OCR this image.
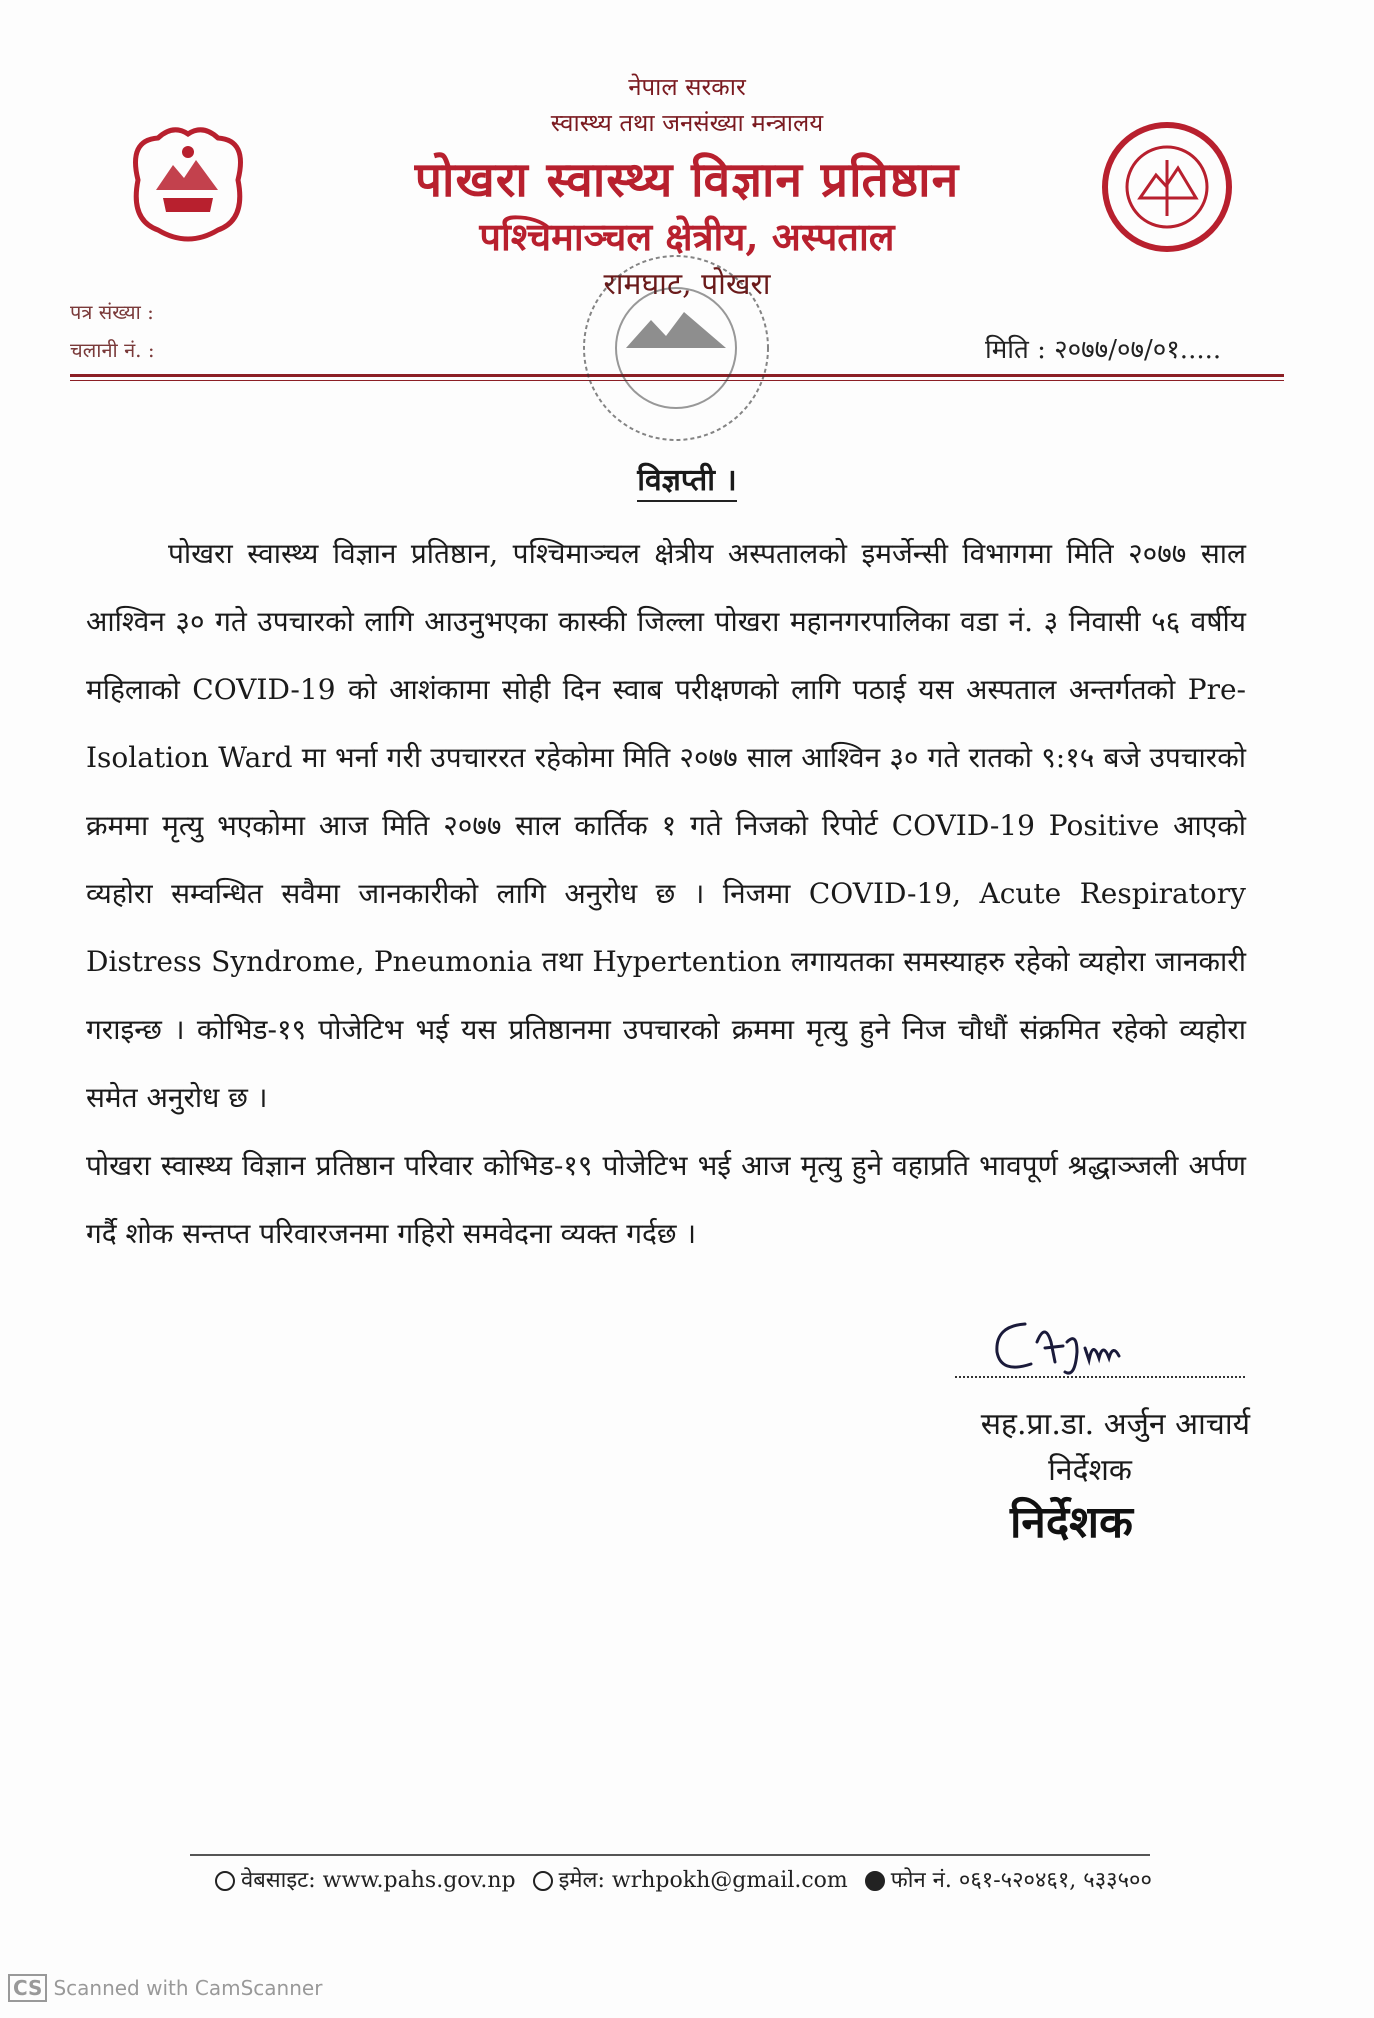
नेपाल सरकार
स्वास्थ्य तथा जनसंख्या मन्त्रालय
पोखरा स्वास्थ्य विज्ञान प्रतिष्ठान
पश्चिमाञ्चल क्षेत्रीय, अस्पताल
रामघाट, पोखरा
पत्र संख्या :
चलानी नं. :	मिति : २०७७/०७/०१.....
विज्ञप्ती ।

पोखरा स्वास्थ्य विज्ञान प्रतिष्ठान, पश्चिमाञ्चल क्षेत्रीय अस्पतालको इमर्जेन्सी विभागमा मिति २०७७ साल आश्विन ३० गते उपचारको लागि आउनुभएका कास्की जिल्ला पोखरा महानगरपालिका वडा नं. ३ निवासी ५६ वर्षीय महिलाको COVID-19 को आशंकामा सोही दिन स्वाब परीक्षणको लागि पठाई यस अस्पताल अन्तर्गतको Pre-Isolation Ward मा भर्ना गरी उपचाररत रहेकोमा मिति २०७७ साल आश्विन ३० गते रातको ९:१५ बजे उपचारको क्रममा मृत्यु भएकोमा आज मिति २०७७ साल कार्तिक १ गते निजको रिपोर्ट COVID-19 Positive आएको व्यहोरा सम्वन्धित सवैमा जानकारीको लागि अनुरोध छ । निजमा COVID-19, Acute Respiratory Distress Syndrome, Pneumonia तथा Hypertention लगायतका समस्याहरु रहेको व्यहोरा जानकारी गराइन्छ । कोभिड-१९ पोजेटिभ भई यस प्रतिष्ठानमा उपचारको क्रममा मृत्यु हुने निज चौधौं संक्रमित रहेको व्यहोरा समेत अनुरोध छ ।

पोखरा स्वास्थ्य विज्ञान प्रतिष्ठान परिवार कोभिड-१९ पोजेटिभ भई आज मृत्यु हुने वहाप्रति भावपूर्ण श्रद्धाञ्जली अर्पण गर्दै शोक सन्तप्त परिवारजनमा गहिरो समवेदना व्यक्त गर्दछ ।

सह.प्रा.डा. अर्जुन आचार्य
निर्देशक
निर्देशक
वेबसाइट: www.pahs.gov.np इमेल: wrhpokh@gmail.com फोन नं. ०६१-५२०४६१, ५३३५००
CS Scanned with CamScanner
